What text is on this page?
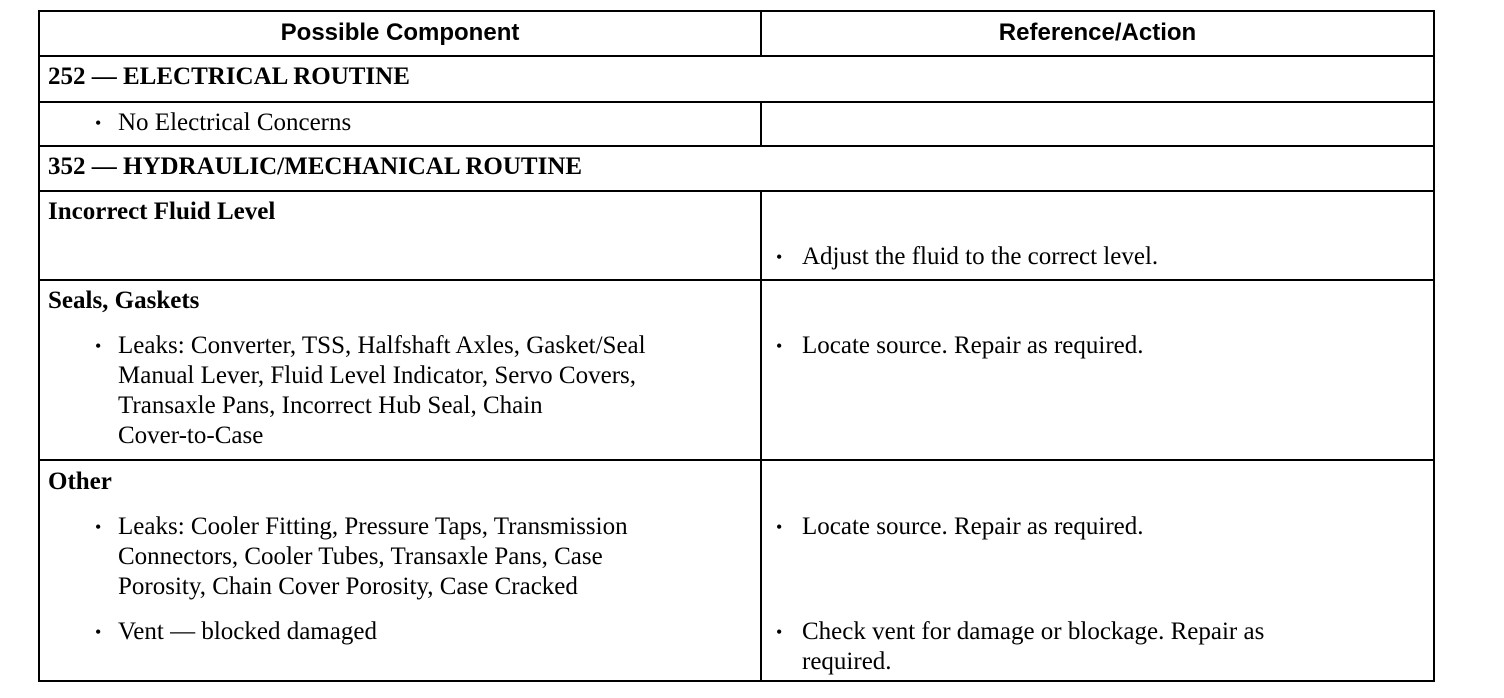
Possible Component	Reference/Action
252 — ELECTRICAL ROUTINE
• No Electrical Concerns
352 — HYDRAULIC/MECHANICAL ROUTINE
Incorrect Fluid Level
• Adjust the fluid to the correct level.
Seals, Gaskets
• Leaks: Converter, TSS, Halfshaft Axles, Gasket/Seal
Manual Lever, Fluid Level Indicator, Servo Covers,
Transaxle Pans, Incorrect Hub Seal, Chain
Cover-to-Case
• Locate source. Repair as required.
Other
• Leaks: Cooler Fitting, Pressure Taps, Transmission
Connectors, Cooler Tubes, Transaxle Pans, Case
Porosity, Chain Cover Porosity, Case Cracked
• Vent — blocked damaged
• Locate source. Repair as required.
• Check vent for damage or blockage. Repair as
required.
